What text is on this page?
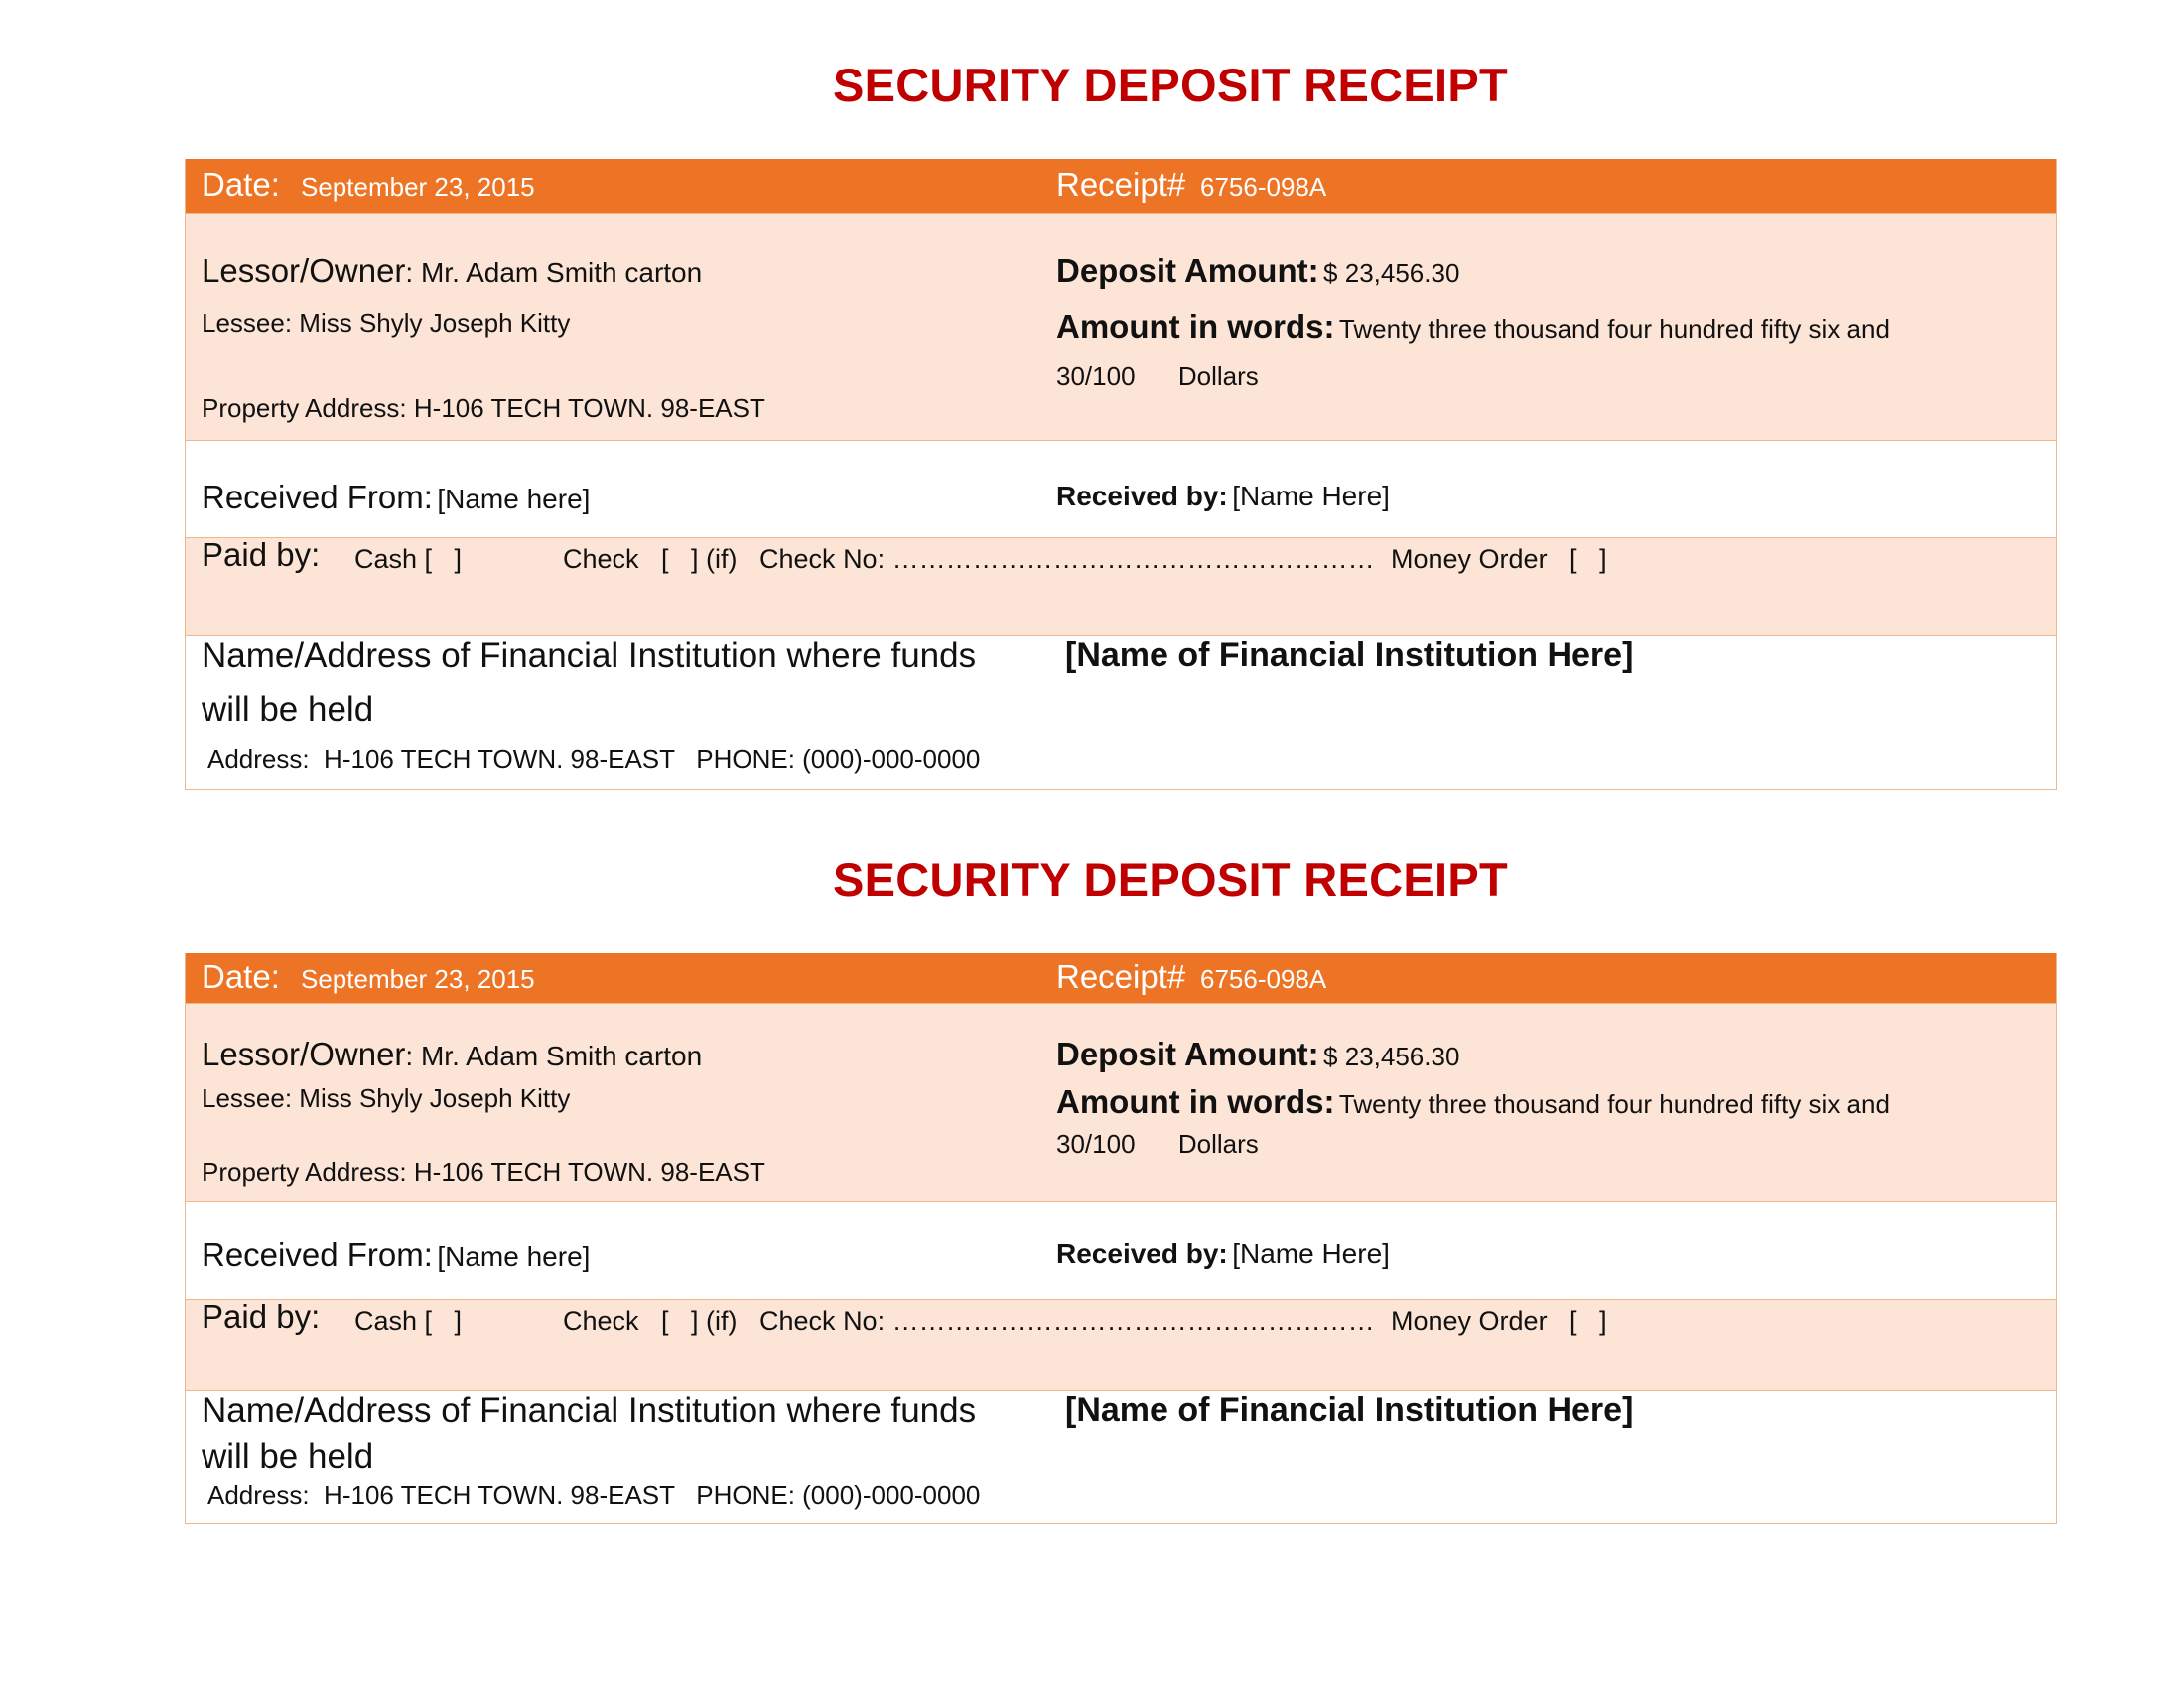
SECURITY DEPOSIT RECEIPT
Date: September 23, 2015	Receipt# 6756-098A
Lessor/Owner: Mr. Adam Smith carton
Lessee: Miss Shyly Joseph Kitty
Property Address: H-106 TECH TOWN. 98-EAST
Deposit Amount: $ 23,456.30
Amount in words: Twenty three thousand four hundred fifty six and
30/100      Dollars
Received From: [Name here]	Received by: [Name Here]
Paid by: Cash [   ]	Check   [   ] (if)   Check No: ……………………………………………… Money Order   [   ]
Name/Address of Financial Institution where funds
will be held
Address:  H-106 TECH TOWN. 98-EAST   PHONE: (000)-000-0000
[Name of Financial Institution Here]
SECURITY DEPOSIT RECEIPT
Date: September 23, 2015	Receipt# 6756-098A
Lessor/Owner: Mr. Adam Smith carton
Lessee: Miss Shyly Joseph Kitty
Property Address: H-106 TECH TOWN. 98-EAST
Deposit Amount: $ 23,456.30
Amount in words: Twenty three thousand four hundred fifty six and
30/100      Dollars
Received From: [Name here]	Received by: [Name Here]
Paid by: Cash [   ]	Check   [   ] (if)   Check No: ……………………………………………… Money Order   [   ]
Name/Address of Financial Institution where funds
will be held
Address:  H-106 TECH TOWN. 98-EAST   PHONE: (000)-000-0000
[Name of Financial Institution Here]
